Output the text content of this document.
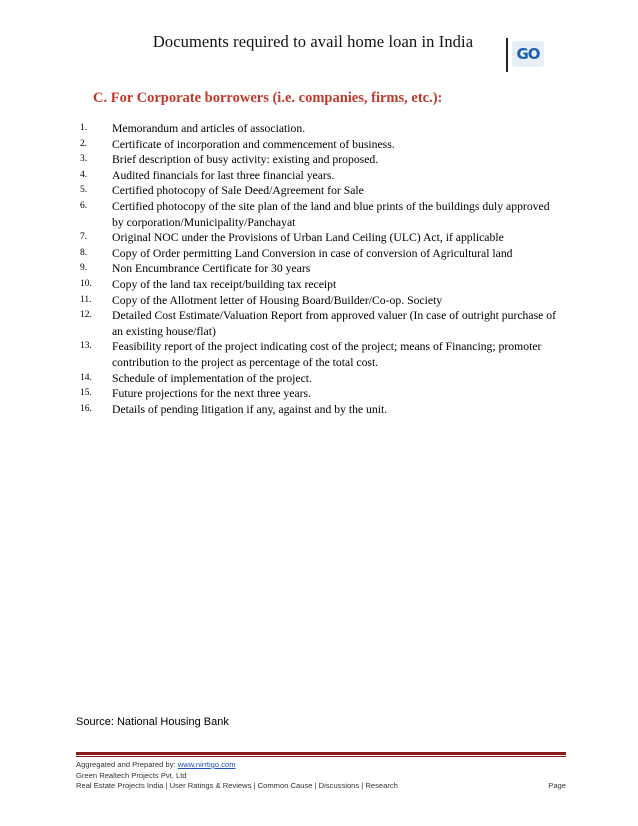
Documents required to avail home loan in India
GO
C. For Corporate borrowers (i.e. companies, firms, etc.):
1.	Memorandum and articles of association.
2.	Certificate of incorporation and commencement of business.
3.	Brief description of busy activity: existing and proposed.
4.	Audited financials for last three financial years.
5.	Certified photocopy of Sale Deed/Agreement for Sale
6.	Certified photocopy of the site plan of the land and blue prints of the buildings duly approved by corporation/Municipality/Panchayat
7.	Original NOC under the Provisions of Urban Land Ceiling (ULC) Act, if applicable
8.	Copy of Order permitting Land Conversion in case of conversion of Agricultural land
9.	Non Encumbrance Certificate for 30 years
10.	Copy of the land tax receipt/building tax receipt
11.	Copy of the Allotment letter of Housing Board/Builder/Co-op. Society
12.	Detailed Cost Estimate/Valuation Report from approved valuer (In case of outright purchase of an existing house/flat)
13.	Feasibility report of the project indicating cost of the project; means of Financing; promoter contribution to the project as percentage of the total cost.
14.	Schedule of implementation of the project.
15.	Future projections for the next three years.
16.	Details of pending litigation if any, against and by the unit.
Source: National Housing Bank
Aggregated and Prepared by: www.nirrtigo.com
Green Realtech Projects Pvt. Ltd
Real Estate Projects India | User Ratings & Reviews | Common Cause | Discussions | Research	Page
